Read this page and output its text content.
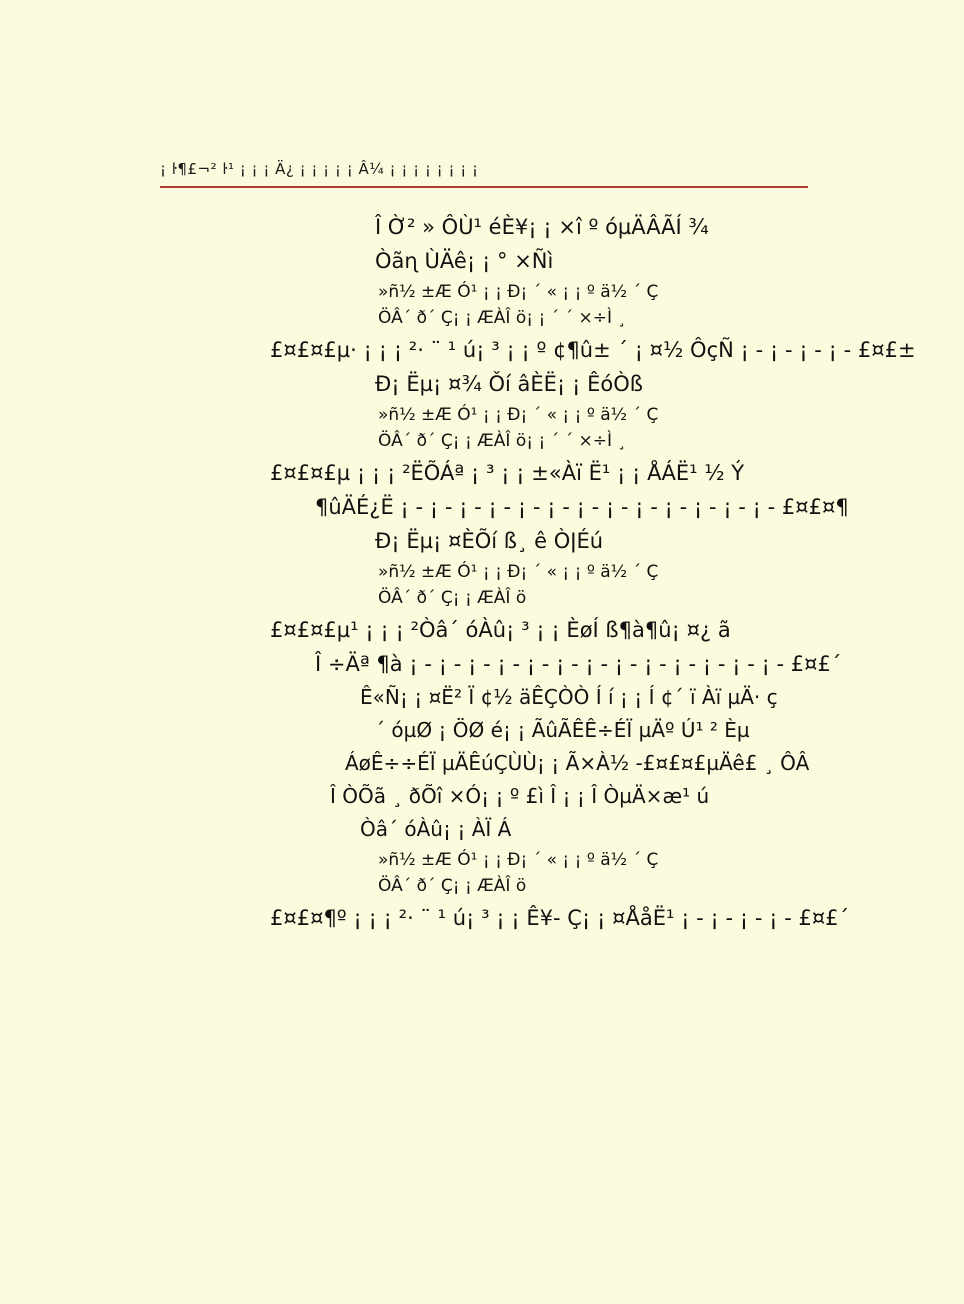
¡ ŀ¶£¬² ŀ¹ ¡ ¡ ¡ Ä¿ ¡ ¡ ¡ ¡ ¡ Â¼ ¡ ¡ ¡ ¡ ¡ ¡ ¡ ¡
Î Ờ² » ÔÙ¹ éÈ¥¡ ¡ ×î º óµÄÂÃÍ ¾
Òãɳ ÙÄê¡ ¡ ° ×Ñì
»ñ½ ±Æ Ó¹ ¡ ¡ Ð¡ ´ « ¡ ¡ º ä½ ´ Ç
ÖÂ´ ð´ Ç¡ ¡ ÆÀÎ ö¡ ¡ ´ ´ ×÷Ì ¸
£¤£¤£µ· ¡ ¡ ¡ ²· ¨ ¹ ú¡ ³ ¡ ¡ º ¢¶û± ´ ¡ ¤½ ÔçÑ ¡ - ¡ - ¡ - ¡ - £¤£±
Ð¡ Ëµ¡ ¤¾ Ǒí âÈË¡ ¡ ÊóÒß
»ñ½ ±Æ Ó¹ ¡ ¡ Ð¡ ´ « ¡ ¡ º ä½ ´ Ç
ÖÂ´ ð´ Ç¡ ¡ ÆÀÎ ö¡ ¡ ´ ´ ×÷Ì ¸
£¤£¤£µ ¡ ¡ ¡ ²ËÕÁª ¡ ³ ¡ ¡ ±«Àï Ë¹ ¡ ¡ ÅÁË¹ ½ Ý
¶ûÄÉ¿Ë ¡ - ¡ - ¡ - ¡ - ¡ - ¡ - ¡ - ¡ - ¡ - ¡ - ¡ - ¡ - ¡ - £¤£¤¶
Ð¡ Ëµ¡ ¤ÈÕí ß¸ ê ÒǀÉú
»ñ½ ±Æ Ó¹ ¡ ¡ Ð¡ ´ « ¡ ¡ º ä½ ´ Ç
ÖÂ´ ð´ Ç¡ ¡ ÆÀÎ ö
£¤£¤£µ¹ ¡ ¡ ¡ ²Òâ´ óÀû¡ ³ ¡ ¡ ÈøÍ ß¶à¶û¡ ¤¿ ã
Î ÷Äª ¶à ¡ - ¡ - ¡ - ¡ - ¡ - ¡ - ¡ - ¡ - ¡ - ¡ - ¡ - ¡ - ¡ - £¤£´
Ê«Ñ¡ ¡ ¤Ë² Ï ¢½ äÊÇÒÒ Í í ¡ ¡ Í ¢´ ï Àï µÄ· ç
´ óµØ ¡ ÖØ é¡ ¡ ÃûÃÊÊ÷ÉÏ µÄº Ú¹ ² Èµ
ÁøÊ÷÷ÉÏ µÄÊúÇÙÙ¡ ¡ Ã×À½ -£¤£¤£µÄê£ ¸ ÔÂ
Î ÒÕã ¸ ðÕî ×Ó¡ ¡ º £ì Î ¡ ¡ Î ÒµÄ×æ¹ ú
Òâ´ óÀû¡ ¡ ÀÏ Á
»ñ½ ±Æ Ó¹ ¡ ¡ Ð¡ ´ « ¡ ¡ º ä½ ´ Ç
ÖÂ´ ð´ Ç¡ ¡ ÆÀÎ ö
£¤£¤¶º ¡ ¡ ¡ ²· ¨ ¹ ú¡ ³ ¡ ¡ Ê¥- Ç¡ ¡ ¤ÅåË¹ ¡ - ¡ - ¡ - ¡ - £¤£´
